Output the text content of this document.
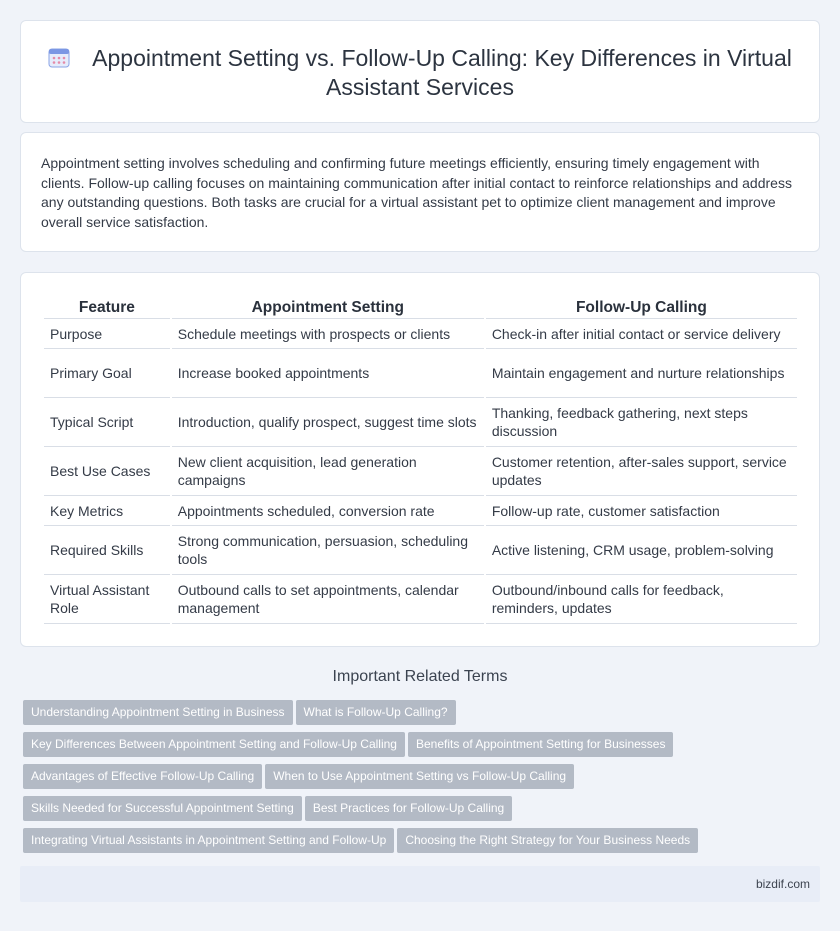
Appointment Setting vs. Follow-Up Calling: Key Differences in Virtual Assistant Services

Appointment setting involves scheduling and confirming future meetings efficiently, ensuring timely engagement with clients. Follow-up calling focuses on maintaining communication after initial contact to reinforce relationships and address any outstanding questions. Both tasks are crucial for a virtual assistant pet to optimize client management and improve overall service satisfaction.

Feature	Appointment Setting	Follow-Up Calling
Purpose	Schedule meetings with prospects or clients	Check-in after initial contact or service delivery
Primary Goal	Increase booked appointments	Maintain engagement and nurture relationships
Typical Script	Introduction, qualify prospect, suggest time slots	Thanking, feedback gathering, next steps discussion
Best Use Cases	New client acquisition, lead generation campaigns	Customer retention, after-sales support, service updates
Key Metrics	Appointments scheduled, conversion rate	Follow-up rate, customer satisfaction
Required Skills	Strong communication, persuasion, scheduling tools	Active listening, CRM usage, problem-solving
Virtual Assistant Role	Outbound calls to set appointments, calendar management	Outbound/inbound calls for feedback, reminders, updates
Important Related Terms
Understanding Appointment Setting in Business What is Follow-Up Calling?
Key Differences Between Appointment Setting and Follow-Up Calling Benefits of Appointment Setting for Businesses
Advantages of Effective Follow-Up Calling When to Use Appointment Setting vs Follow-Up Calling
Skills Needed for Successful Appointment Setting Best Practices for Follow-Up Calling
Integrating Virtual Assistants in Appointment Setting and Follow-Up Choosing the Right Strategy for Your Business Needs
bizdif.com
